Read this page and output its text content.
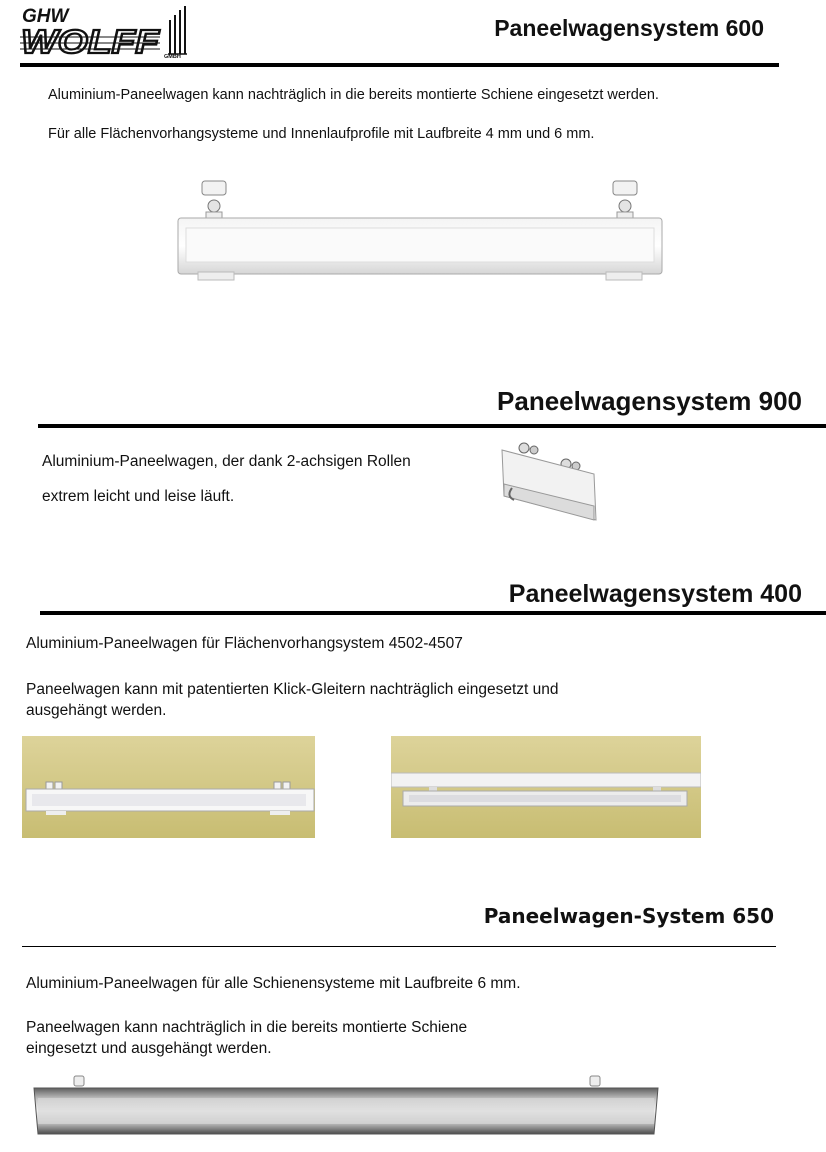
GHW
WOLFF GMBH
Paneelwagensystem 600
Aluminium-Paneelwagen kann nachträglich in die bereits montierte Schiene eingesetzt werden.
Für alle Flächenvorhangsysteme und Innenlaufprofile mit Laufbreite 4 mm und 6 mm.
Paneelwagensystem 900
Aluminium-Paneelwagen, der dank 2-achsigen Rollen
extrem leicht und leise läuft.
Paneelwagensystem 400
Aluminium-Paneelwagen für Flächenvorhangsystem 4502-4507
Paneelwagen kann mit patentierten Klick-Gleitern nachträglich eingesetzt und
ausgehängt werden.
Paneelwagen-System 650
Aluminium-Paneelwagen für alle Schienensysteme mit Laufbreite 6 mm.
Paneelwagen kann nachträglich in die bereits montierte Schiene
eingesetzt und ausgehängt werden.
